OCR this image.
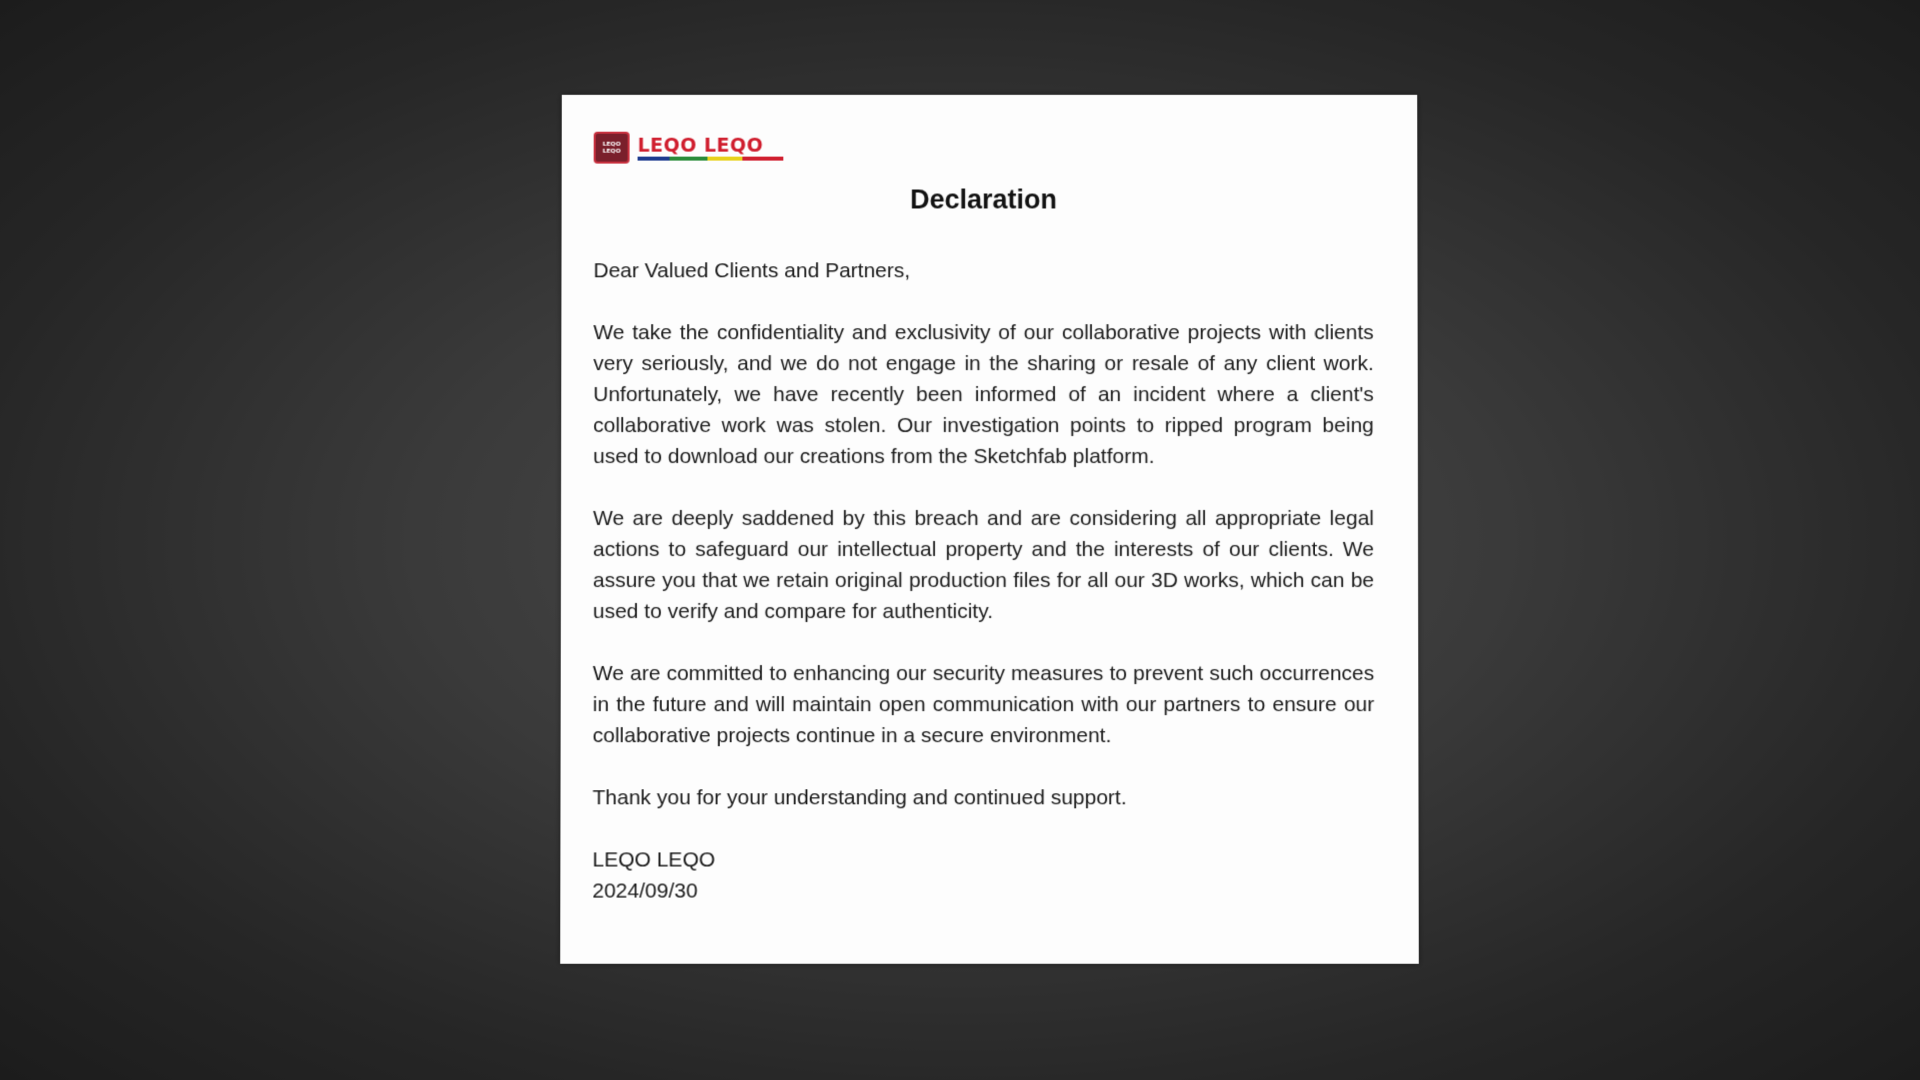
LEQO
LEQO LEQO LEQO
Declaration

Dear Valued Clients and Partners,

We take the confidentiality and exclusivity of our collaborative projects with clients very seriously, and we do not engage in the sharing or resale of any client work. Unfortunately, we have recently been informed of an incident where a client's collaborative work was stolen. Our investigation points to ripped program being used to download our creations from the Sketchfab platform.

We are deeply saddened by this breach and are considering all appropriate legal actions to safeguard our intellectual property and the interests of our clients. We assure you that we retain original production files for all our 3D works, which can be used to verify and compare for authenticity.

We are committed to enhancing our security measures to prevent such occurrences in the future and will maintain open communication with our partners to ensure our collaborative projects continue in a secure environment.

Thank you for your understanding and continued support.

LEQO LEQO
2024/09/30
